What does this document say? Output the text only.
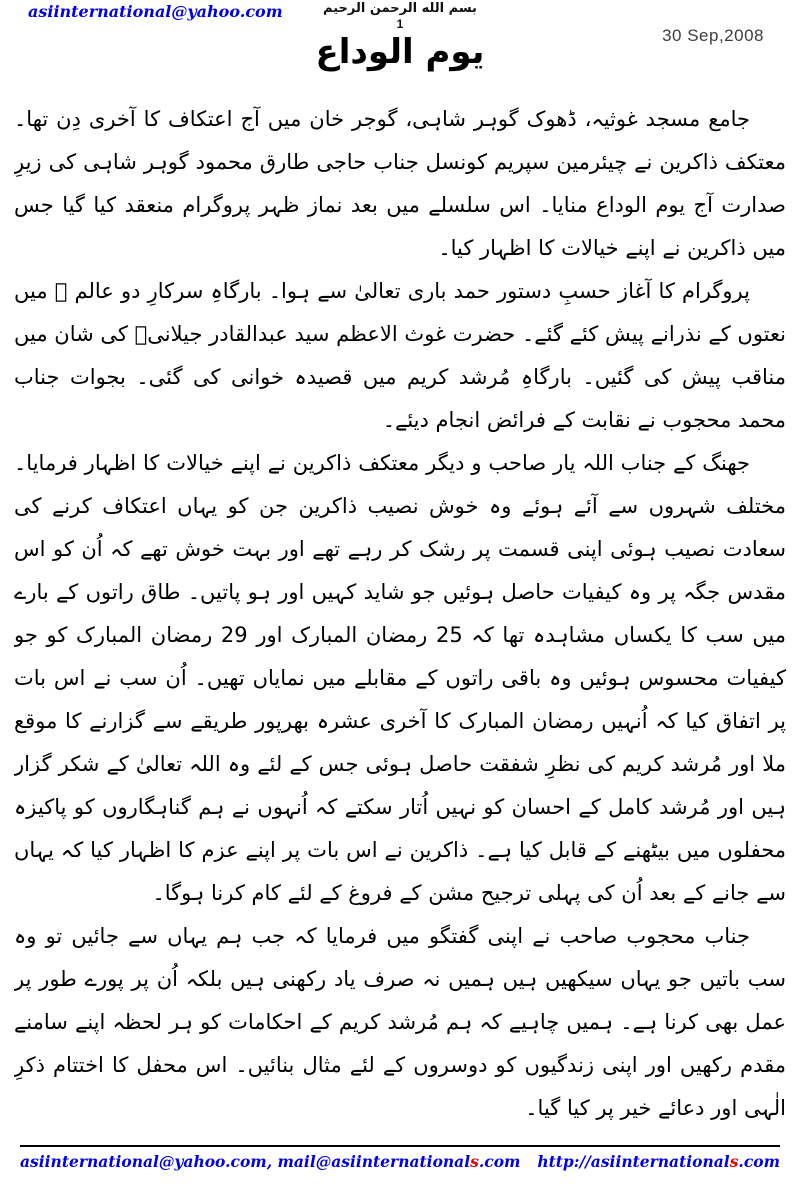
asiinternational@yahoo.com	بسم الله الرحمن الرحيم
1
30 Sep,2008
یوم الوداع

جامع مسجد غوثیہ، ڈھوک گوہر شاہی، گوجر خان میں آج اعتکاف کا آخری دِن تھا۔ معتکف ذاکرین نے چیئرمین سپریم کونسل جناب حاجی طارق محمود گوہر شاہی کی زیرِ صدارت آج یوم الوداع منایا۔ اس سلسلے میں بعد نماز ظہر پروگرام منعقد کیا گیا جس میں ذاکرین نے اپنے خیالات کا اظہار کیا۔

پروگرام کا آغاز حسبِ دستور حمد باری تعالیٰ سے ہوا۔ بارگاہِ سرکارِ دو عالم ﷺ میں نعتوں کے نذرانے پیش کئے گئے۔ حضرت غوث الاعظم سید عبدالقادر جیلانیؓ کی شان میں مناقب پیش کی گئیں۔ بارگاہِ مُرشد کریم میں قصیدہ خوانی کی گئی۔ بجوات جناب محمد محجوب نے نقابت کے فرائض انجام دیئے۔

جھنگ کے جناب اللہ یار صاحب و دیگر معتکف ذاکرین نے اپنے خیالات کا اظہار فرمایا۔ مختلف شہروں سے آئے ہوئے وہ خوش نصیب ذاکرین جن کو یہاں اعتکاف کرنے کی سعادت نصیب ہوئی اپنی قسمت پر رشک کر رہے تھے اور بہت خوش تھے کہ اُن کو اس مقدس جگہ پر وہ کیفیات حاصل ہوئیں جو شاید کہیں اور ہو پاتیں۔ طاق راتوں کے بارے میں سب کا یکساں مشاہدہ تھا کہ 25 رمضان المبارک اور 29 رمضان المبارک کو جو کیفیات محسوس ہوئیں وہ باقی راتوں کے مقابلے میں نمایاں تھیں۔ اُن سب نے اس بات پر اتفاق کیا کہ اُنہیں رمضان المبارک کا آخری عشرہ بھرپور طریقے سے گزارنے کا موقع ملا اور مُرشد کریم کی نظرِ شفقت حاصل ہوئی جس کے لئے وہ اللہ تعالیٰ کے شکر گزار ہیں اور مُرشد کامل کے احسان کو نہیں اُتار سکتے کہ اُنہوں نے ہم گناہگاروں کو پاکیزہ محفلوں میں بیٹھنے کے قابل کیا ہے۔ ذاکرین نے اس بات پر اپنے عزم کا اظہار کیا کہ یہاں سے جانے کے بعد اُن کی پہلی ترجیح مشن کے فروغ کے لئے کام کرنا ہوگا۔

جناب محجوب صاحب نے اپنی گفتگو میں فرمایا کہ جب ہم یہاں سے جائیں تو وہ سب باتیں جو یہاں سیکھیں ہیں ہمیں نہ صرف یاد رکھنی ہیں بلکہ اُن پر پورے طور پر عمل بھی کرنا ہے۔ ہمیں چاہیے کہ ہم مُرشد کریم کے احکامات کو ہر لحظہ اپنے سامنے مقدم رکھیں اور اپنی زندگیوں کو دوسروں کے لئے مثال بنائیں۔ اس محفل کا اختتام ذکرِ الٰہی اور دعائے خیر پر کیا گیا۔

asiinternational@yahoo.com, mail@asiinternationals.com http://asiinternationals.com
